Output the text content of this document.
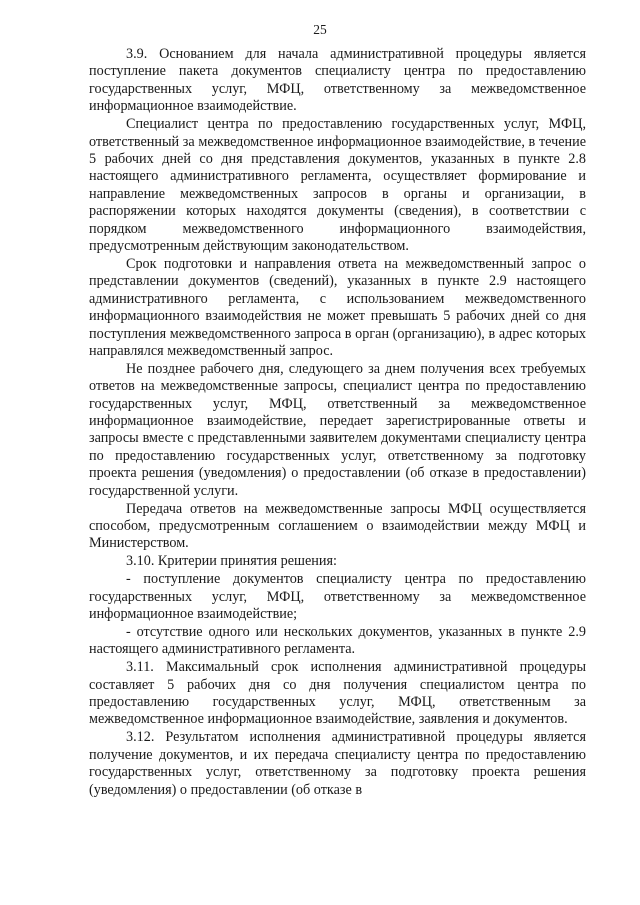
25

3.9. Основанием для начала административной процедуры является поступление пакета документов специалисту центра по предоставлению государственных услуг, МФЦ, ответственному за межведомственное информационное взаимодействие.

Специалист центра по предоставлению государственных услуг, МФЦ, ответственный за межведомственное информационное взаимодействие, в течение 5 рабочих дней со дня представления документов, указанных в пункте 2.8 настоящего административного регламента, осуществляет формирование и направление межведомственных запросов в органы и организации, в распоряжении которых находятся документы (сведения), в соответствии с порядком межведомственного информационного взаимодействия, предусмотренным действующим законодательством.

Срок подготовки и направления ответа на межведомственный запрос о представлении документов (сведений), указанных в пункте 2.9 настоящего административного регламента, с использованием межведомственного информационного взаимодействия не может превышать 5 рабочих дней со дня поступления межведомственного запроса в орган (организацию), в адрес которых направлялся межведомственный запрос.

Не позднее рабочего дня, следующего за днем получения всех требуемых ответов на межведомственные запросы, специалист центра по предоставлению государственных услуг, МФЦ, ответственный за межведомственное информационное взаимодействие, передает зарегистрированные ответы и запросы вместе с представленными заявителем документами специалисту центра по предоставлению государственных услуг, ответственному за подготовку проекта решения (уведомления) о предоставлении (об отказе в предоставлении) государственной услуги.

Передача ответов на межведомственные запросы МФЦ осуществляется способом, предусмотренным соглашением о взаимодействии между МФЦ и Министерством.

3.10. Критерии принятия решения:

- поступление документов специалисту центра по предоставлению государственных услуг, МФЦ, ответственному за межведомственное информационное взаимодействие;

- отсутствие одного или нескольких документов, указанных в пункте 2.9 настоящего административного регламента.

3.11. Максимальный срок исполнения административной процедуры составляет 5 рабочих дня со дня получения специалистом центра по предоставлению государственных услуг, МФЦ, ответственным за межведомственное информационное взаимодействие, заявления и документов.

3.12. Результатом исполнения административной процедуры является получение документов, и их передача специалисту центра по предоставлению государственных услуг, ответственному за подготовку проекта решения (уведомления) о предоставлении (об отказе в
